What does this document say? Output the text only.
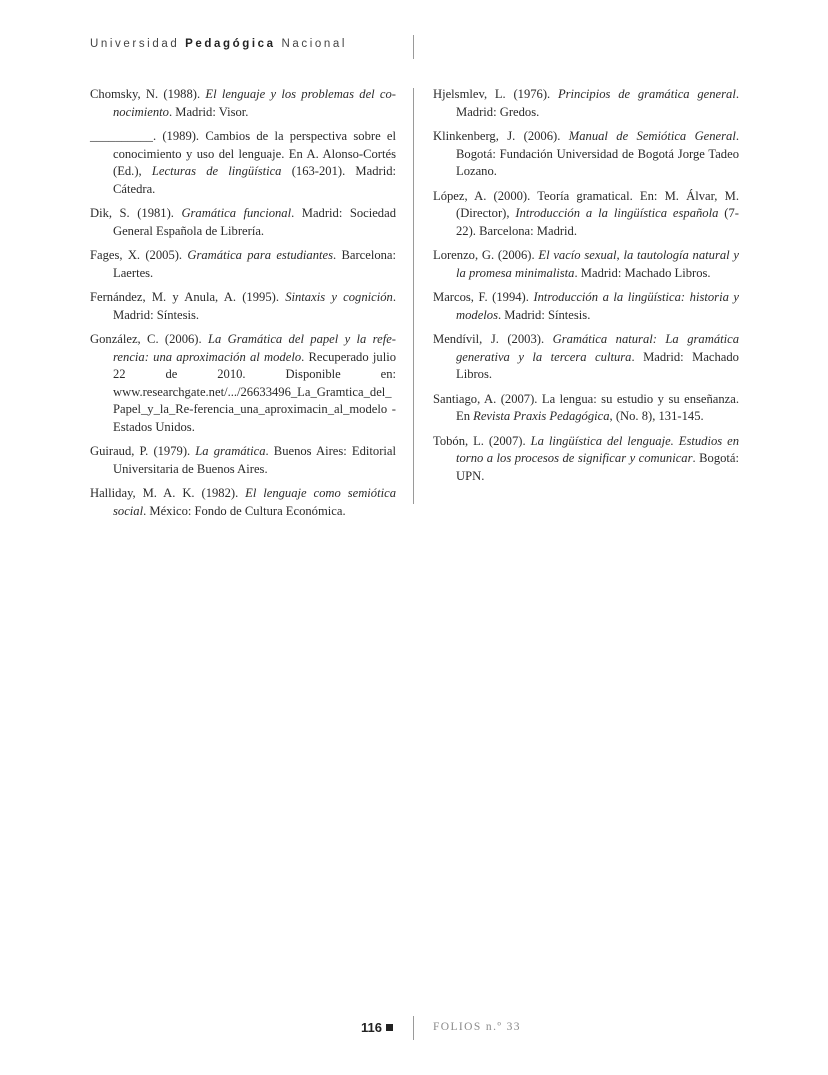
Universidad Pedagógica Nacional

Chomsky, N. (1988). El lenguaje y los problemas del co-nocimiento. Madrid: Visor.

__________. (1989). Cambios de la perspectiva sobre el conocimiento y uso del lenguaje. En A. Alonso-Cortés (Ed.), Lecturas de lingüística (163-201). Madrid: Cátedra.

Dik, S. (1981). Gramática funcional. Madrid: Sociedad General Española de Librería.

Fages, X. (2005). Gramática para estudiantes. Barcelona: Laertes.

Fernández, M. y Anula, A. (1995). Sintaxis y cognición. Madrid: Síntesis.

González, C. (2006). La Gramática del papel y la refe-rencia: una aproximación al modelo. Recuperado julio 22 de 2010. Disponible en: www.researchgate.net/.../26633496_La_Gramtica_del_Papel_y_la_Re-ferencia_una_aproximacin_al_modelo - Estados Unidos.

Guiraud, P. (1979). La gramática. Buenos Aires: Editorial Universitaria de Buenos Aires.

Halliday, M. A. K. (1982). El lenguaje como semiótica social. México: Fondo de Cultura Económica.

Hjelsmlev, L. (1976). Principios de gramática general. Madrid: Gredos.

Klinkenberg, J. (2006). Manual de Semiótica General. Bogotá: Fundación Universidad de Bogotá Jorge Tadeo Lozano.

López, A. (2000). Teoría gramatical. En: M. Álvar, M. (Director), Introducción a la lingüística española (7-22). Barcelona: Madrid.

Lorenzo, G. (2006). El vacío sexual, la tautología natural y la promesa minimalista. Madrid: Machado Libros.

Marcos, F. (1994). Introducción a la lingüística: historia y modelos. Madrid: Síntesis.

Mendívil, J. (2003). Gramática natural: La gramática generativa y la tercera cultura. Madrid: Machado Libros.

Santiago, A. (2007). La lengua: su estudio y su enseñanza. En Revista Praxis Pedagógica, (No. 8), 131-145.

Tobón, L. (2007). La lingüística del lenguaje. Estudios en torno a los procesos de significar y comunicar. Bogotá: UPN.

116	FOLIOS n.º 33
